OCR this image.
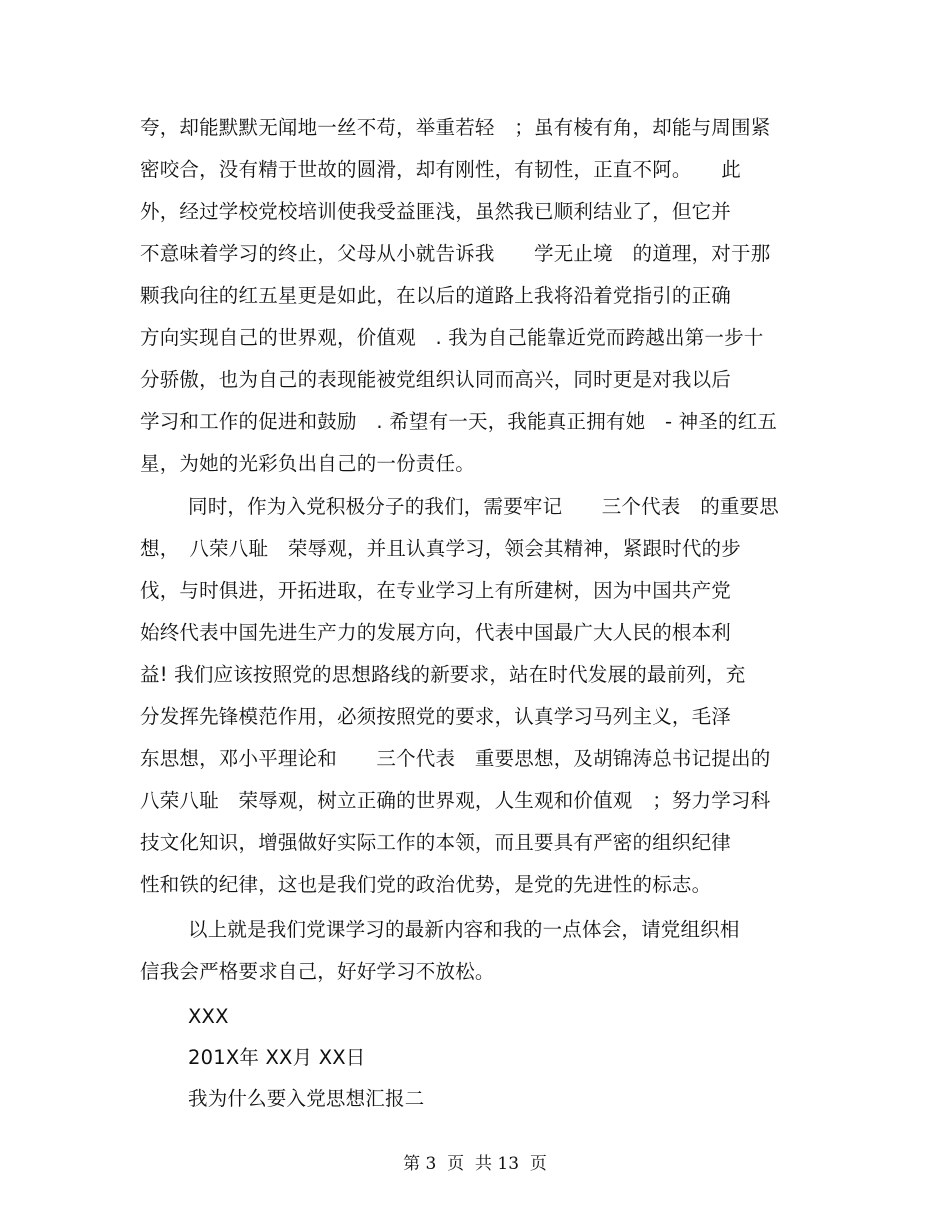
夸，却能默默无闻地一丝不苟，举重若轻　；虽有棱有角，却能与周围紧
密咬合，没有精于世故的圆滑，却有刚性，有韧性，正直不阿。　　此
外，经过学校党校培训使我受益匪浅，虽然我已顺利结业了，但它并
不意味着学习的终止，父母从小就告诉我　　学无止境　的道理，对于那
颗我向往的红五星更是如此，在以后的道路上我将沿着党指引的正确
方向实现自己的世界观，价值观　. 我为自己能靠近党而跨越出第一步十
分骄傲，也为自己的表现能被党组织认同而高兴，同时更是对我以后
学习和工作的促进和鼓励　. 希望有一天，我能真正拥有她　- 神圣的红五
星，为她的光彩负出自己的一份责任。
同时，作为入党积极分子的我们，需要牢记　　三个代表　的重要思
想，　八荣八耻　荣辱观，并且认真学习，领会其精神，紧跟时代的步
伐，与时俱进，开拓进取，在专业学习上有所建树，因为中国共产党
始终代表中国先进生产力的发展方向，代表中国最广大人民的根本利
益! 我们应该按照党的思想路线的新要求，站在时代发展的最前列，充
分发挥先锋模范作用，必须按照党的要求，认真学习马列主义，毛泽
东思想，邓小平理论和　　三个代表　重要思想，及胡锦涛总书记提出的
八荣八耻　荣辱观，树立正确的世界观，人生观和价值观　；努力学习科
技文化知识，增强做好实际工作的本领，而且要具有严密的组织纪律
性和铁的纪律，这也是我们党的政治优势，是党的先进性的标志。
以上就是我们党课学习的最新内容和我的一点体会，请党组织相
信我会严格要求自己，好好学习不放松。
XXX
201X年 XX月 XX日
我为什么要入党思想汇报二
第 3  页  共 13  页
